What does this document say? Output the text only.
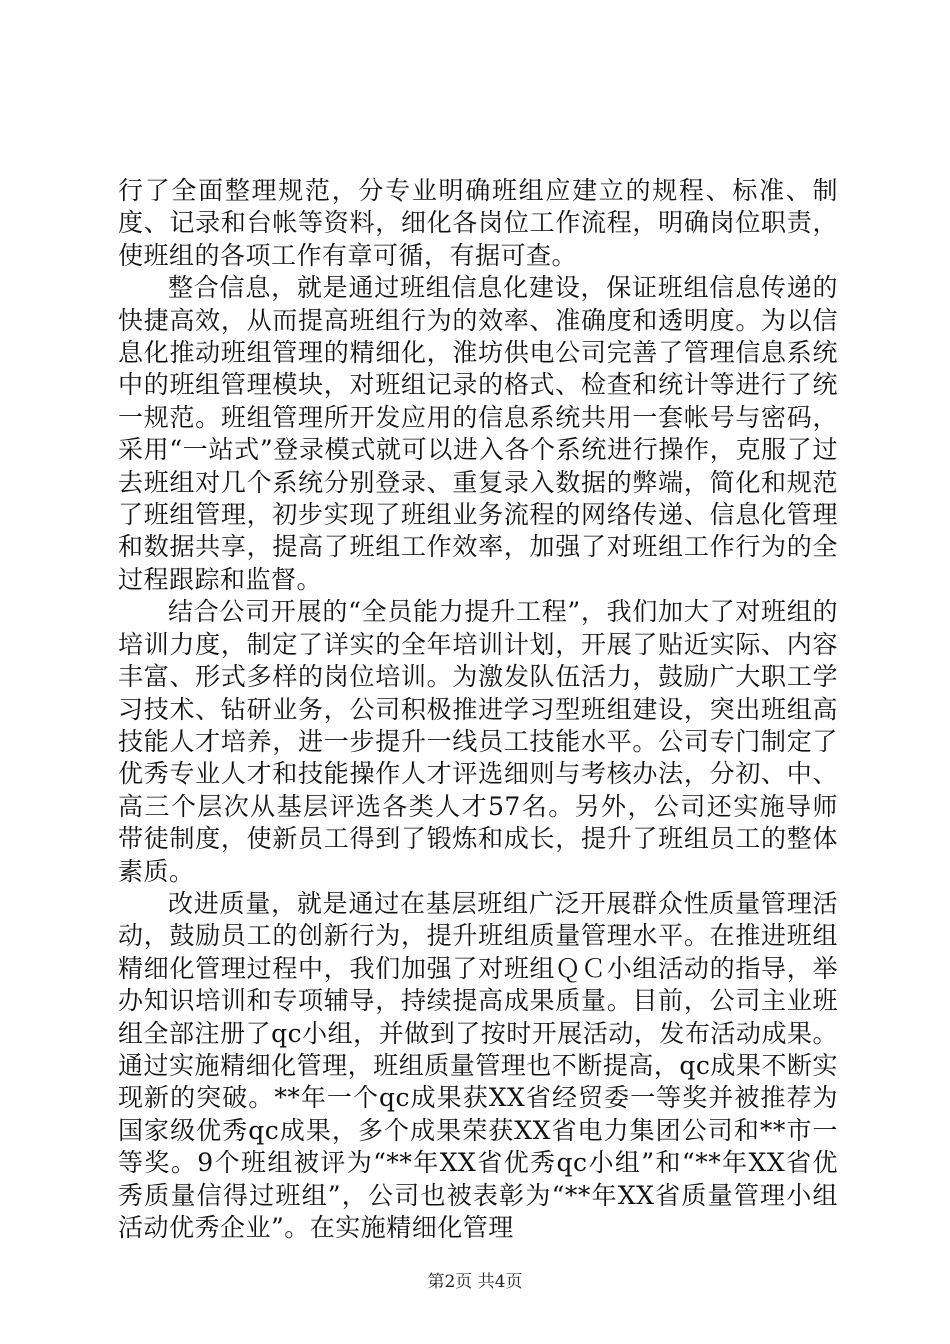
行了全面整理规范，分专业明确班组应建立的规程、标准、制度、记录和台帐等资料，细化各岗位工作流程，明确岗位职责，使班组的各项工作有章可循，有据可查。

整合信息，就是通过班组信息化建设，保证班组信息传递的快捷高效，从而提高班组行为的效率、准确度和透明度。为以信息化推动班组管理的精细化，淮坊供电公司完善了管理信息系统中的班组管理模块，对班组记录的格式、检查和统计等进行了统一规范。班组管理所开发应用的信息系统共用一套帐号与密码，采用“一站式”登录模式就可以进入各个系统进行操作，克服了过去班组对几个系统分别登录、重复录入数据的弊端，简化和规范了班组管理，初步实现了班组业务流程的网络传递、信息化管理和数据共享，提高了班组工作效率，加强了对班组工作行为的全过程跟踪和监督。

结合公司开展的“全员能力提升工程”，我们加大了对班组的培训力度，制定了详实的全年培训计划，开展了贴近实际、内容丰富、形式多样的岗位培训。为激发队伍活力，鼓励广大职工学习技术、钻研业务，公司积极推进学习型班组建设，突出班组高技能人才培养，进一步提升一线员工技能水平。公司专门制定了优秀专业人才和技能操作人才评选细则与考核办法，分初、中、高三个层次从基层评选各类人才57名。另外，公司还实施导师带徒制度，使新员工得到了锻炼和成长，提升了班组员工的整体素质。

改进质量，就是通过在基层班组广泛开展群众性质量管理活动，鼓励员工的创新行为，提升班组质量管理水平。在推进班组精细化管理过程中，我们加强了对班组ＱＣ小组活动的指导，举办知识培训和专项辅导，持续提高成果质量。目前，公司主业班组全部注册了qc小组，并做到了按时开展活动，发布活动成果。通过实施精细化管理，班组质量管理也不断提高，qc成果不断实现新的突破。**年一个qc成果获XX省经贸委一等奖并被推荐为国家级优秀qc成果，多个成果荣获XX省电力集团公司和**市一等奖。9个班组被评为“**年XX省优秀qc小组”和“**年XX省优秀质量信得过班组”，公司也被表彰为“**年XX省质量管理小组活动优秀企业”。在实施精细化管理

第2页 共4页
